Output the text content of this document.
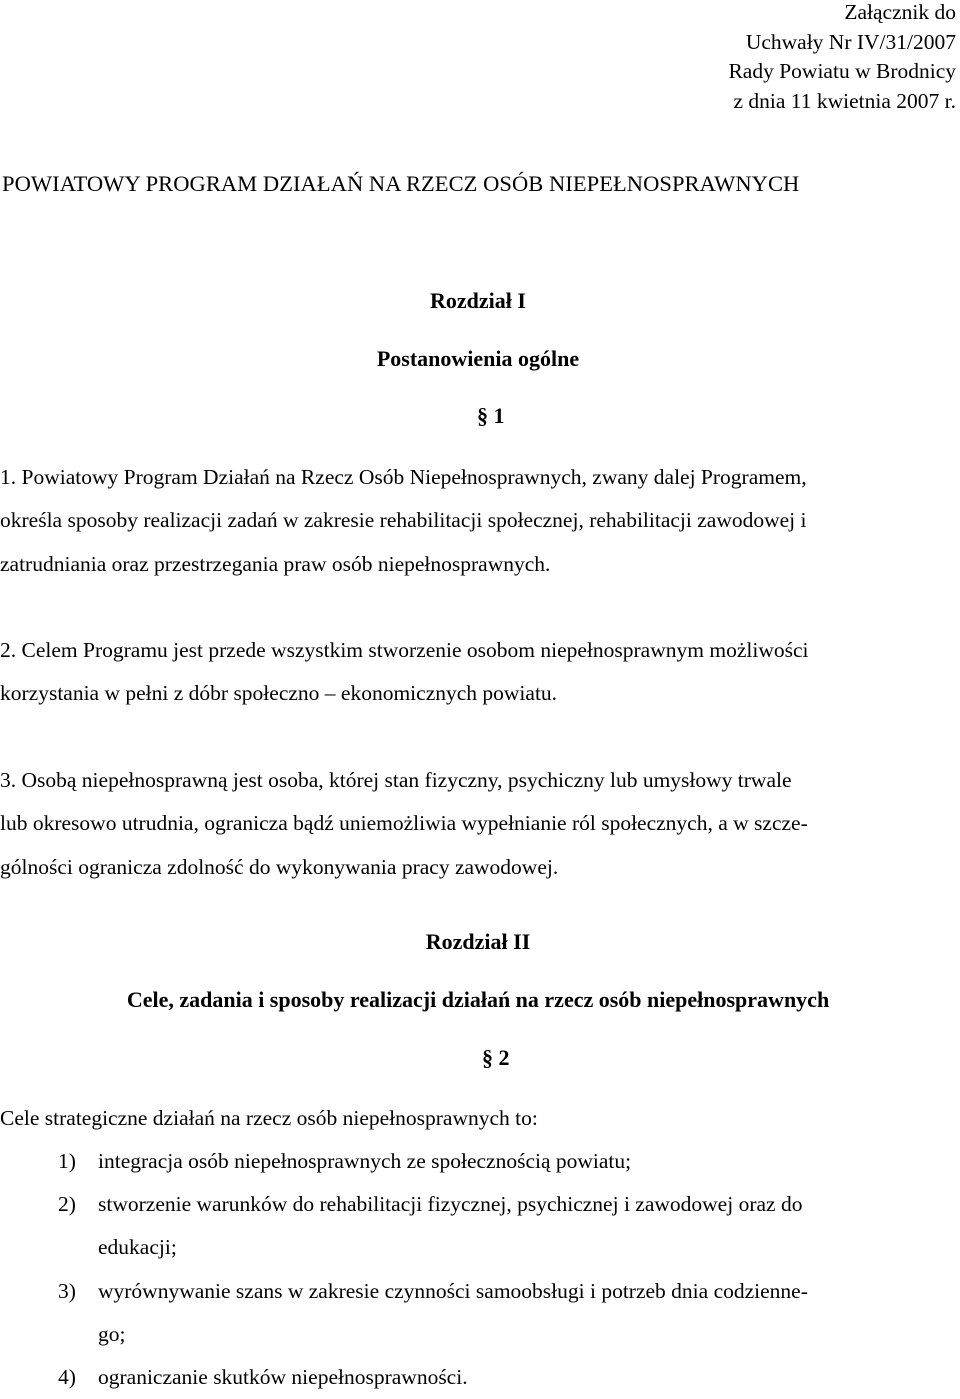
Załącznik do
Uchwały Nr IV/31/2007
Rady Powiatu w Brodnicy
z dnia 11 kwietnia 2007 r.
POWIATOWY PROGRAM DZIAŁAŃ NA RZECZ OSÓB NIEPEŁNOSPRAWNYCH
Rozdział I
Postanowienia ogólne
§ 1
1. Powiatowy Program Działań na Rzecz Osób Niepełnosprawnych, zwany dalej Programem,
określa sposoby realizacji zadań w zakresie rehabilitacji społecznej, rehabilitacji zawodowej i
zatrudniania oraz przestrzegania praw osób niepełnosprawnych.
2. Celem Programu jest przede wszystkim stworzenie osobom niepełnosprawnym możliwości
korzystania w pełni z dóbr społeczno – ekonomicznych powiatu.
3. Osobą niepełnosprawną jest osoba, której stan fizyczny, psychiczny lub umysłowy trwale
lub okresowo utrudnia, ogranicza bądź uniemożliwia wypełnianie ról społecznych, a w szcze-
gólności ogranicza zdolność do wykonywania pracy zawodowej.
Rozdział II
Cele, zadania i sposoby realizacji działań na rzecz osób niepełnosprawnych
§ 2
Cele strategiczne działań na rzecz osób niepełnosprawnych to:
1)	integracja osób niepełnosprawnych ze społecznością powiatu;
2)	stworzenie warunków do rehabilitacji fizycznej, psychicznej i zawodowej oraz do
edukacji;
3)	wyrównywanie szans w zakresie czynności samoobsługi i potrzeb dnia codzienne-
go;
4)	ograniczanie skutków niepełnosprawności.
